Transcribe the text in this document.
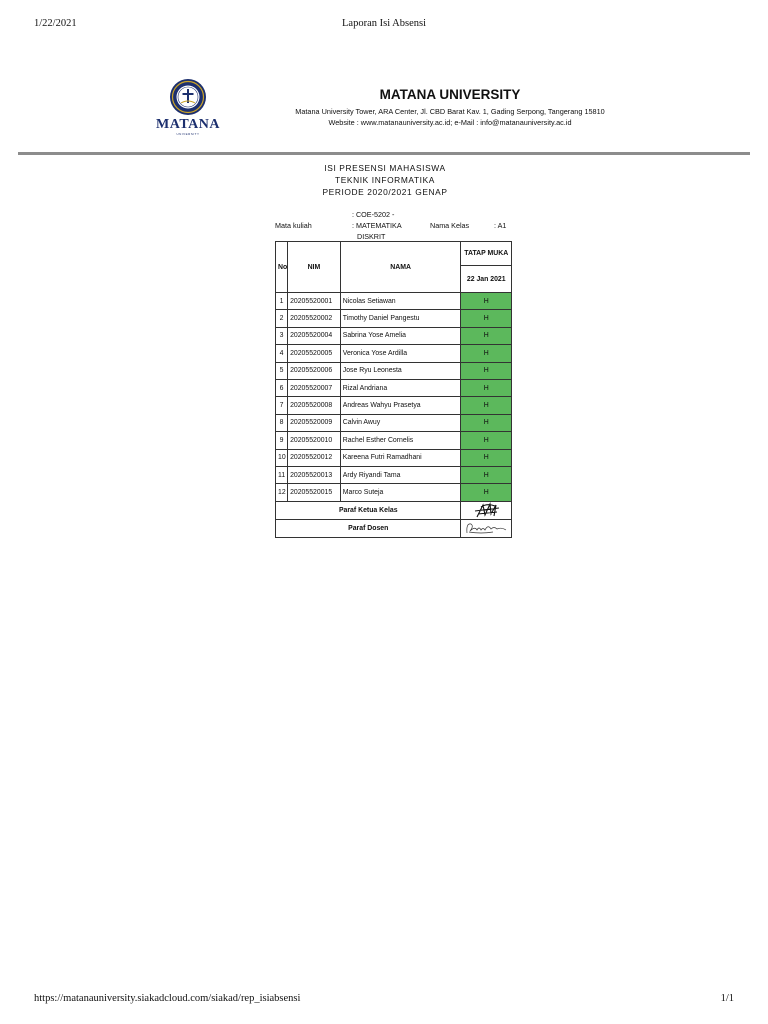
1/22/2021	Laporan Isi Absensi
MATANA
UNIVERSITY
MATANA UNIVERSITY
Matana University Tower, ARA Center, Jl. CBD Barat Kav. 1, Gading Serpong, Tangerang 15810
Website : www.matanauniversity.ac.id; e-Mail : info@matanauniversity.ac.id
ISI PRESENSI MAHASISWA
TEKNIK INFORMATIKA
PERIODE 2020/2021 GENAP
Mata kuliah
: COE-5202 -
: MATEMATIKA
DISKRIT
Nama Kelas	: A1
No	NIM	NAMA	TATAP MUKA
			22 Jan 2021
1	20205520001	Nicolas Setiawan	H
2	20205520002	Timothy Daniel Pangestu	H
3	20205520004	Sabrina Yose Amelia	H
4	20205520005	Veronica Yose Ardilla	H
5	20205520006	Jose Ryu Leonesta	H
6	20205520007	Rizal Andriana	H
7	20205520008	Andreas Wahyu Prasetya	H
8	20205520009	Calvin Awuy	H
9	20205520010	Rachel Esther Cornelis	H
10	20205520012	Kareena Futri Ramadhani	H
11	20205520013	Ardy Riyandi Tama	H
12	20205520015	Marco Suteja	H
Paraf Ketua Kelas	

Paraf Dosen	
https://matanauniversity.siakadcloud.com/siakad/rep_isiabsensi	1/1
